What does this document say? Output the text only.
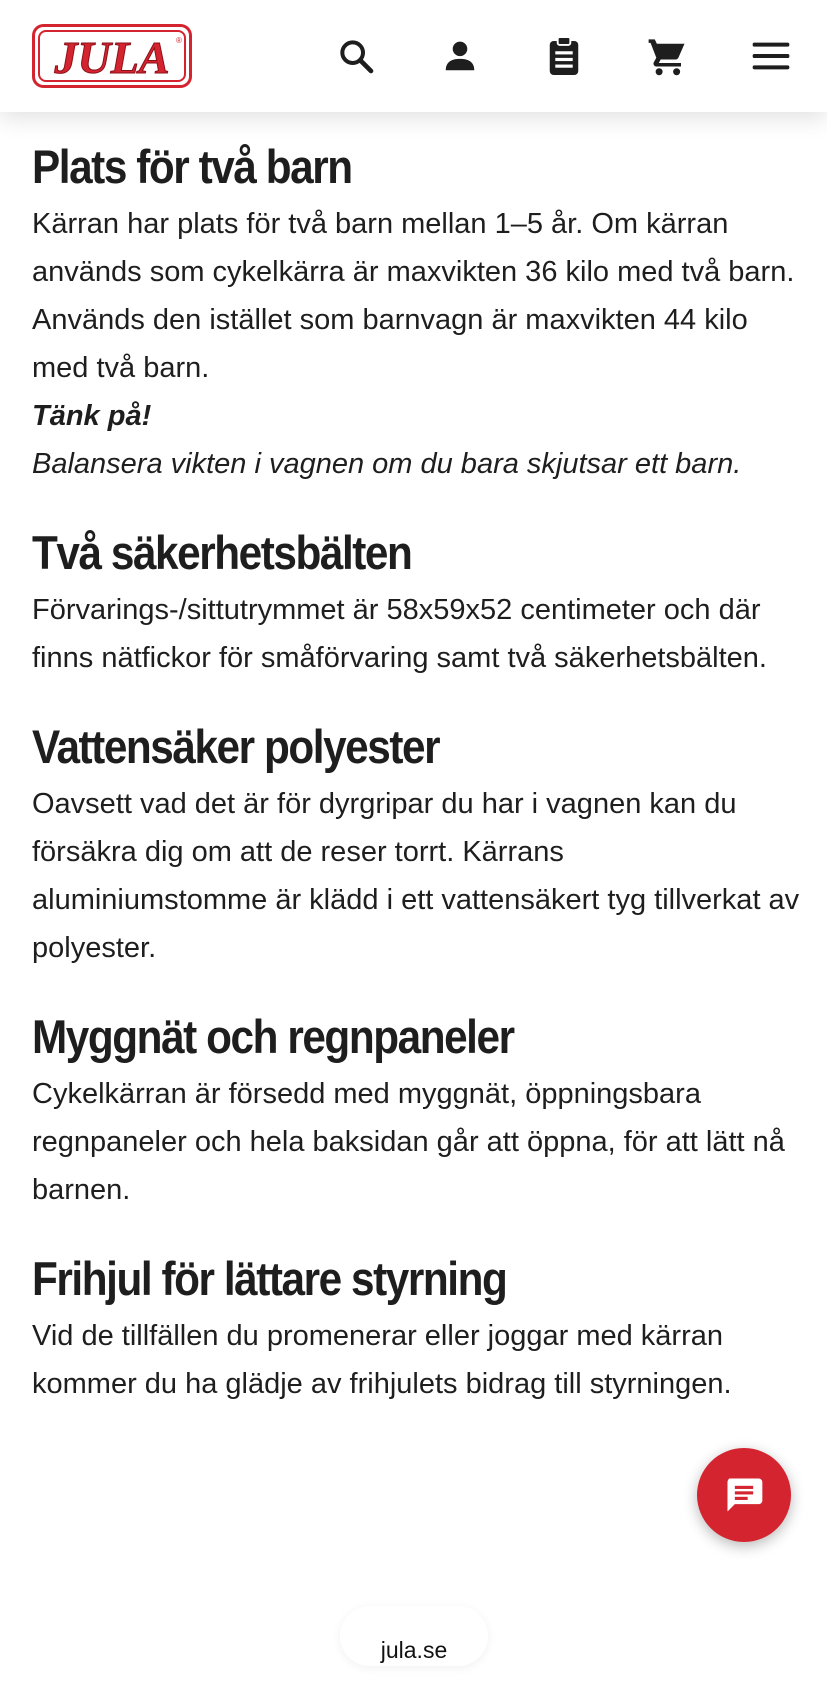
JULA ®
Plats för två barn

Kärran har plats för två barn mellan 1–5 år. Om kärran används som cykelkärra är maxvikten 36 kilo med två barn. Används den istället som barnvagn är maxvikten 44 kilo med två barn.

Tänk på!

Balansera vikten i vagnen om du bara skjutsar ett barn.

Två säkerhetsbälten

Förvarings-/sittutrymmet är 58x59x52 centimeter och där finns nätfickor för småförvaring samt två säkerhetsbälten.

Vattensäker polyester

Oavsett vad det är för dyrgripar du har i vagnen kan du försäkra dig om att de reser torrt. Kärrans aluminiumstomme är klädd i ett vattensäkert tyg tillverkat av polyester.

Myggnät och regnpaneler

Cykelkärran är försedd med myggnät, öppningsbara regnpaneler och hela baksidan går att öppna, för att lätt nå barnen.

Frihjul för lättare styrning

Vid de tillfällen du promenerar eller joggar med kärran kommer du ha glädje av frihjulets bidrag till styrningen.

jula.se
